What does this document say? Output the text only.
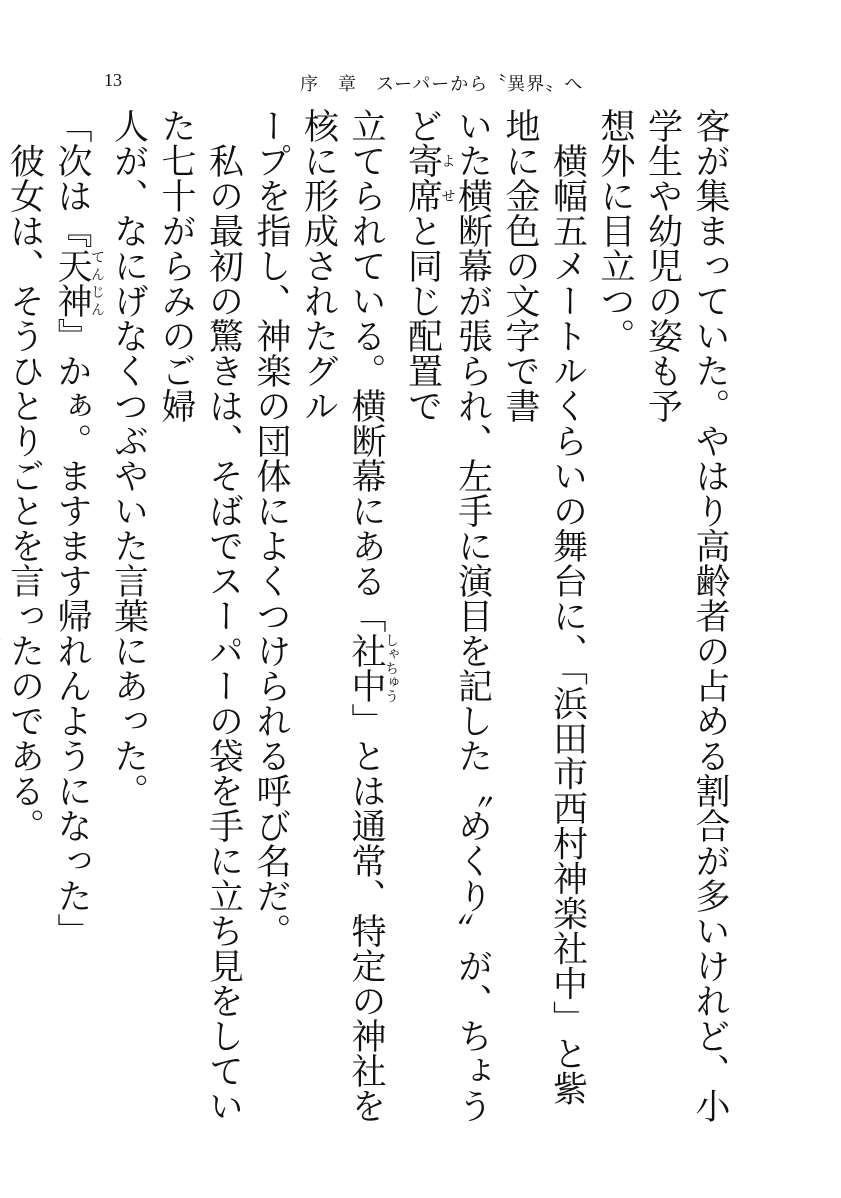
13	序　章　スーパーから〝異界〟へ
客が集まっていた。やはり高齢者の占める割合が多いけれど、小学生や幼児の姿も予
想外に目立つ。
　横幅五メートルくらいの舞台に、「浜田市西村神楽社中」と紫地に金色の文字で書
いた横断幕が張られ、左手に演目を記した〝めくり〟が、ちょうど寄席よせと同じ配置で
立てられている。横断幕にある「社中しゃちゅう」とは通常、特定の神社を核に形成されたグル
ープを指し、神楽の団体によくつけられる呼び名だ。
　私の最初の驚きは、そばでスーパーの袋を手に立ち見をしていた七十がらみのご婦
人が、なにげなくつぶやいた言葉にあった。
「次は『天神てんじん』かぁ。ますます帰れんようになった」
　彼女は、そうひとりごとを言ったのである。
